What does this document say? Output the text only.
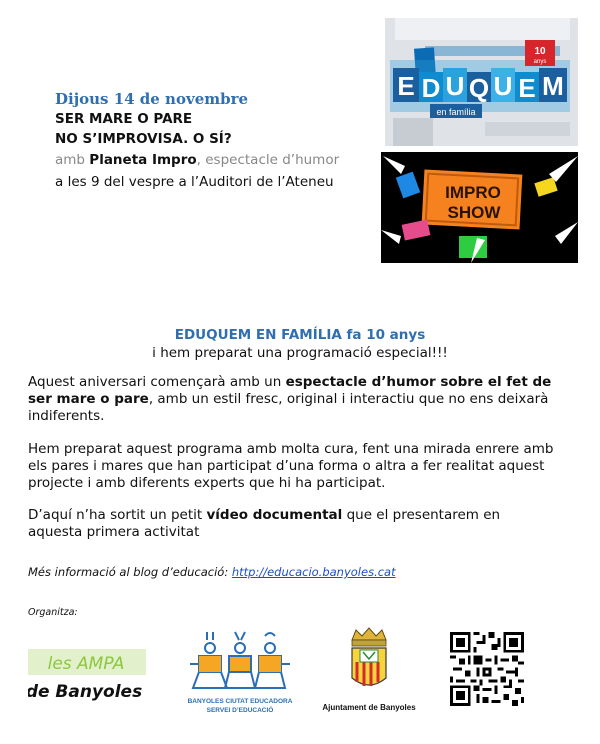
Dijous 14 de novembre
SER MARE O PARE
NO S’IMPROVISA. O SÍ?
amb Planeta Impro, espectacle d’humor
a les 9 del vespre a l’Auditori de l’Ateneu
10
anys
E D U Q U E M
en família
IMPRO
SHOW
EDUQUEM EN FAMÍLIA fa 10 anys
i hem preparat una programació especial!!!
Aquest aniversari començarà amb un espectacle d’humor sobre el fet de ser mare o pare, amb un estil fresc, original i interactiu que no ens deixarà indiferents.
Hem preparat aquest programa amb molta cura, fent una mirada enrere amb els pares i mares que han participat d’una forma o altra a fer realitat aquest projecte i amb diferents experts que hi ha participat.
D’aquí n’ha sortit un petit vídeo documental que el presentarem en aquesta primera activitat
Més informació al blog d’educació: http://educacio.banyoles.cat
Organitza:
les AMPA
de Banyoles	BANYOLES CIUTAT EDUCADORA
SERVEI D’EDUCACIÓ	Ajuntament de Banyoles
